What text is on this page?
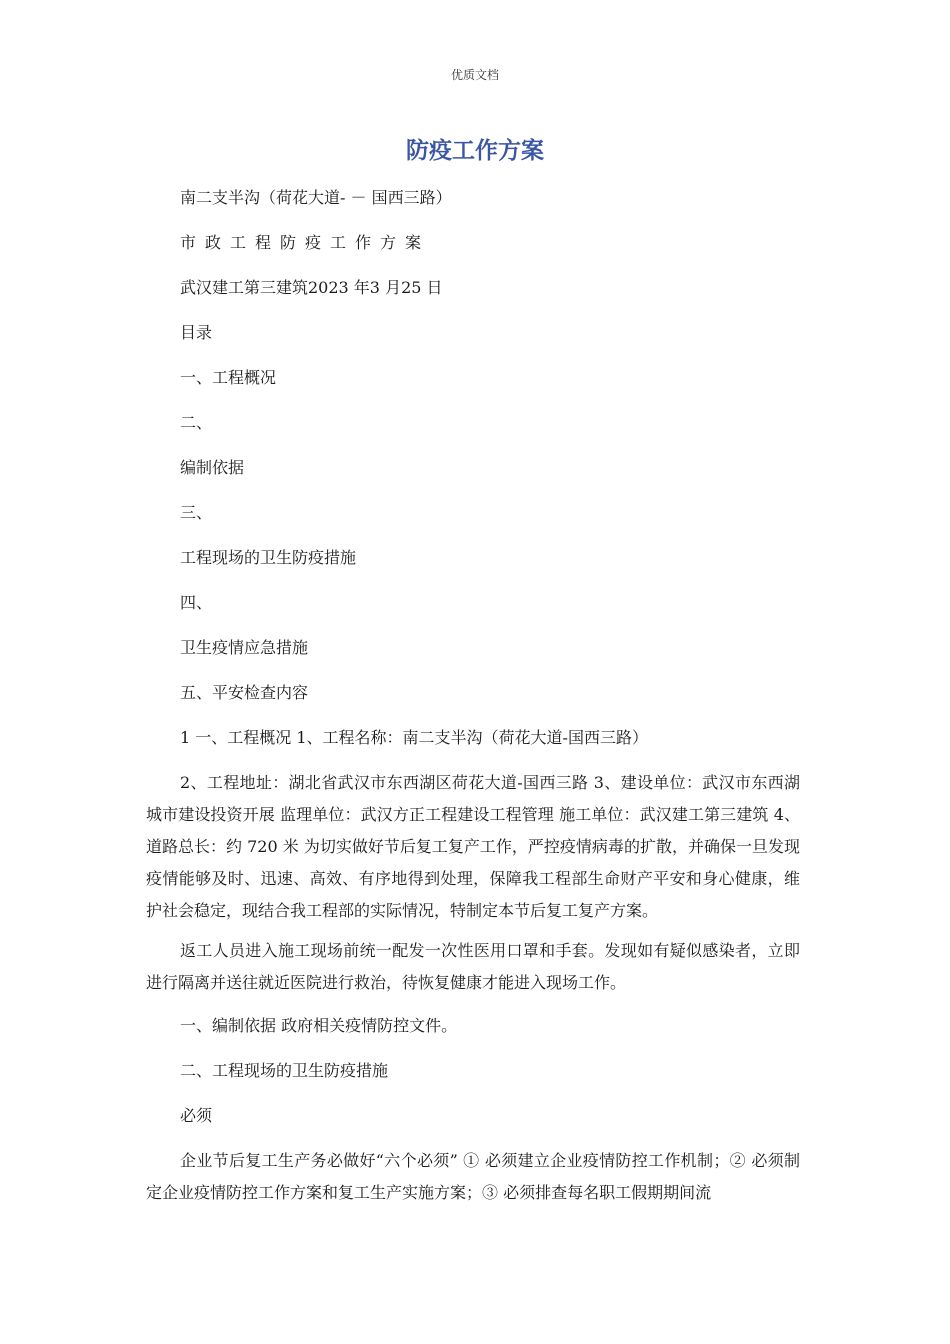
优质文档
防疫工作方案
南二支半沟（荷花大道- － 国西三路）
市政工程防疫工作方案
武汉建工第三建筑2023 年3 月25 日
目录
一、工程概况
二、
编制依据
三、
工程现场的卫生防疫措施
四、
卫生疫情应急措施
五、平安检查内容
1 一、工程概况 1、工程名称：南二支半沟（荷花大道-国西三路）
2、工程地址：湖北省武汉市东西湖区荷花大道-国西三路 3、建设单位：武汉市东西湖城市建设投资开展 监理单位：武汉方正工程建设工程管理 施工单位：武汉建工第三建筑 4、道路总长：约 720 米 为切实做好节后复工复产工作，严控疫情病毒的扩散，并确保一旦发现疫情能够及时、迅速、高效、有序地得到处理，保障我工程部生命财产平安和身心健康，维护社会稳定，现结合我工程部的实际情况，特制定本节后复工复产方案。
返工人员进入施工现场前统一配发一次性医用口罩和手套。发现如有疑似感染者，立即进行隔离并送往就近医院进行救治，待恢复健康才能进入现场工作。
一、编制依据 政府相关疫情防控文件。
二、工程现场的卫生防疫措施
必须
企业节后复工生产务必做好“六个必须” ① 必须建立企业疫情防控工作机制；② 必须制定企业疫情防控工作方案和复工生产实施方案；③ 必须排查每名职工假期期间流
